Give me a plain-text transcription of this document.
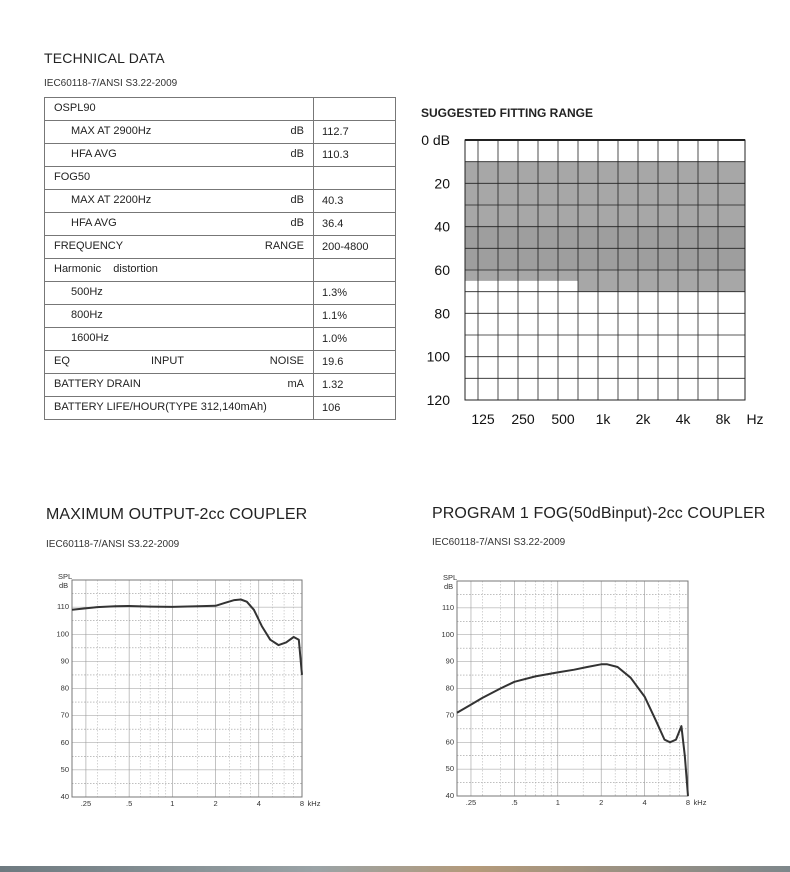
TECHNICAL DATA
IEC60118-7/ANSI S3.22-2009
OSPL90	

MAX AT 2900Hz dB	112.7

HFA AVG dB	110.3

FOG50	

MAX AT 2200Hz dB	40.3

HFA AVG dB	36.4

FREQUENCY RANGE	200-4800

Harmonic    distortion	

500Hz	1.3%

800Hz	1.1%

1600Hz	1.0%

EQ INPUT NOISE	19.6

BATTERY DRAIN mA	1.32

BATTERY LIFE/HOUR(TYPE 312,140mAh)	106
SUGGESTED FITTING RANGE
0 dB
20
40
60
80
100
120
125 250 500 1k 2k 4k 8k Hz
MAXIMUM OUTPUT-2cc COUPLER
IEC60118-7/ANSI S3.22-2009
110
100
90
80
70
60
50
40
SPL
dB
.25	.5	1	2	4	8 kHz
PROGRAM 1 FOG(50dBinput)-2cc COUPLER
IEC60118-7/ANSI S3.22-2009
110
100
90
80
70
60
50
40
SPL
dB
.25	.5	1	2	4	8 kHz
